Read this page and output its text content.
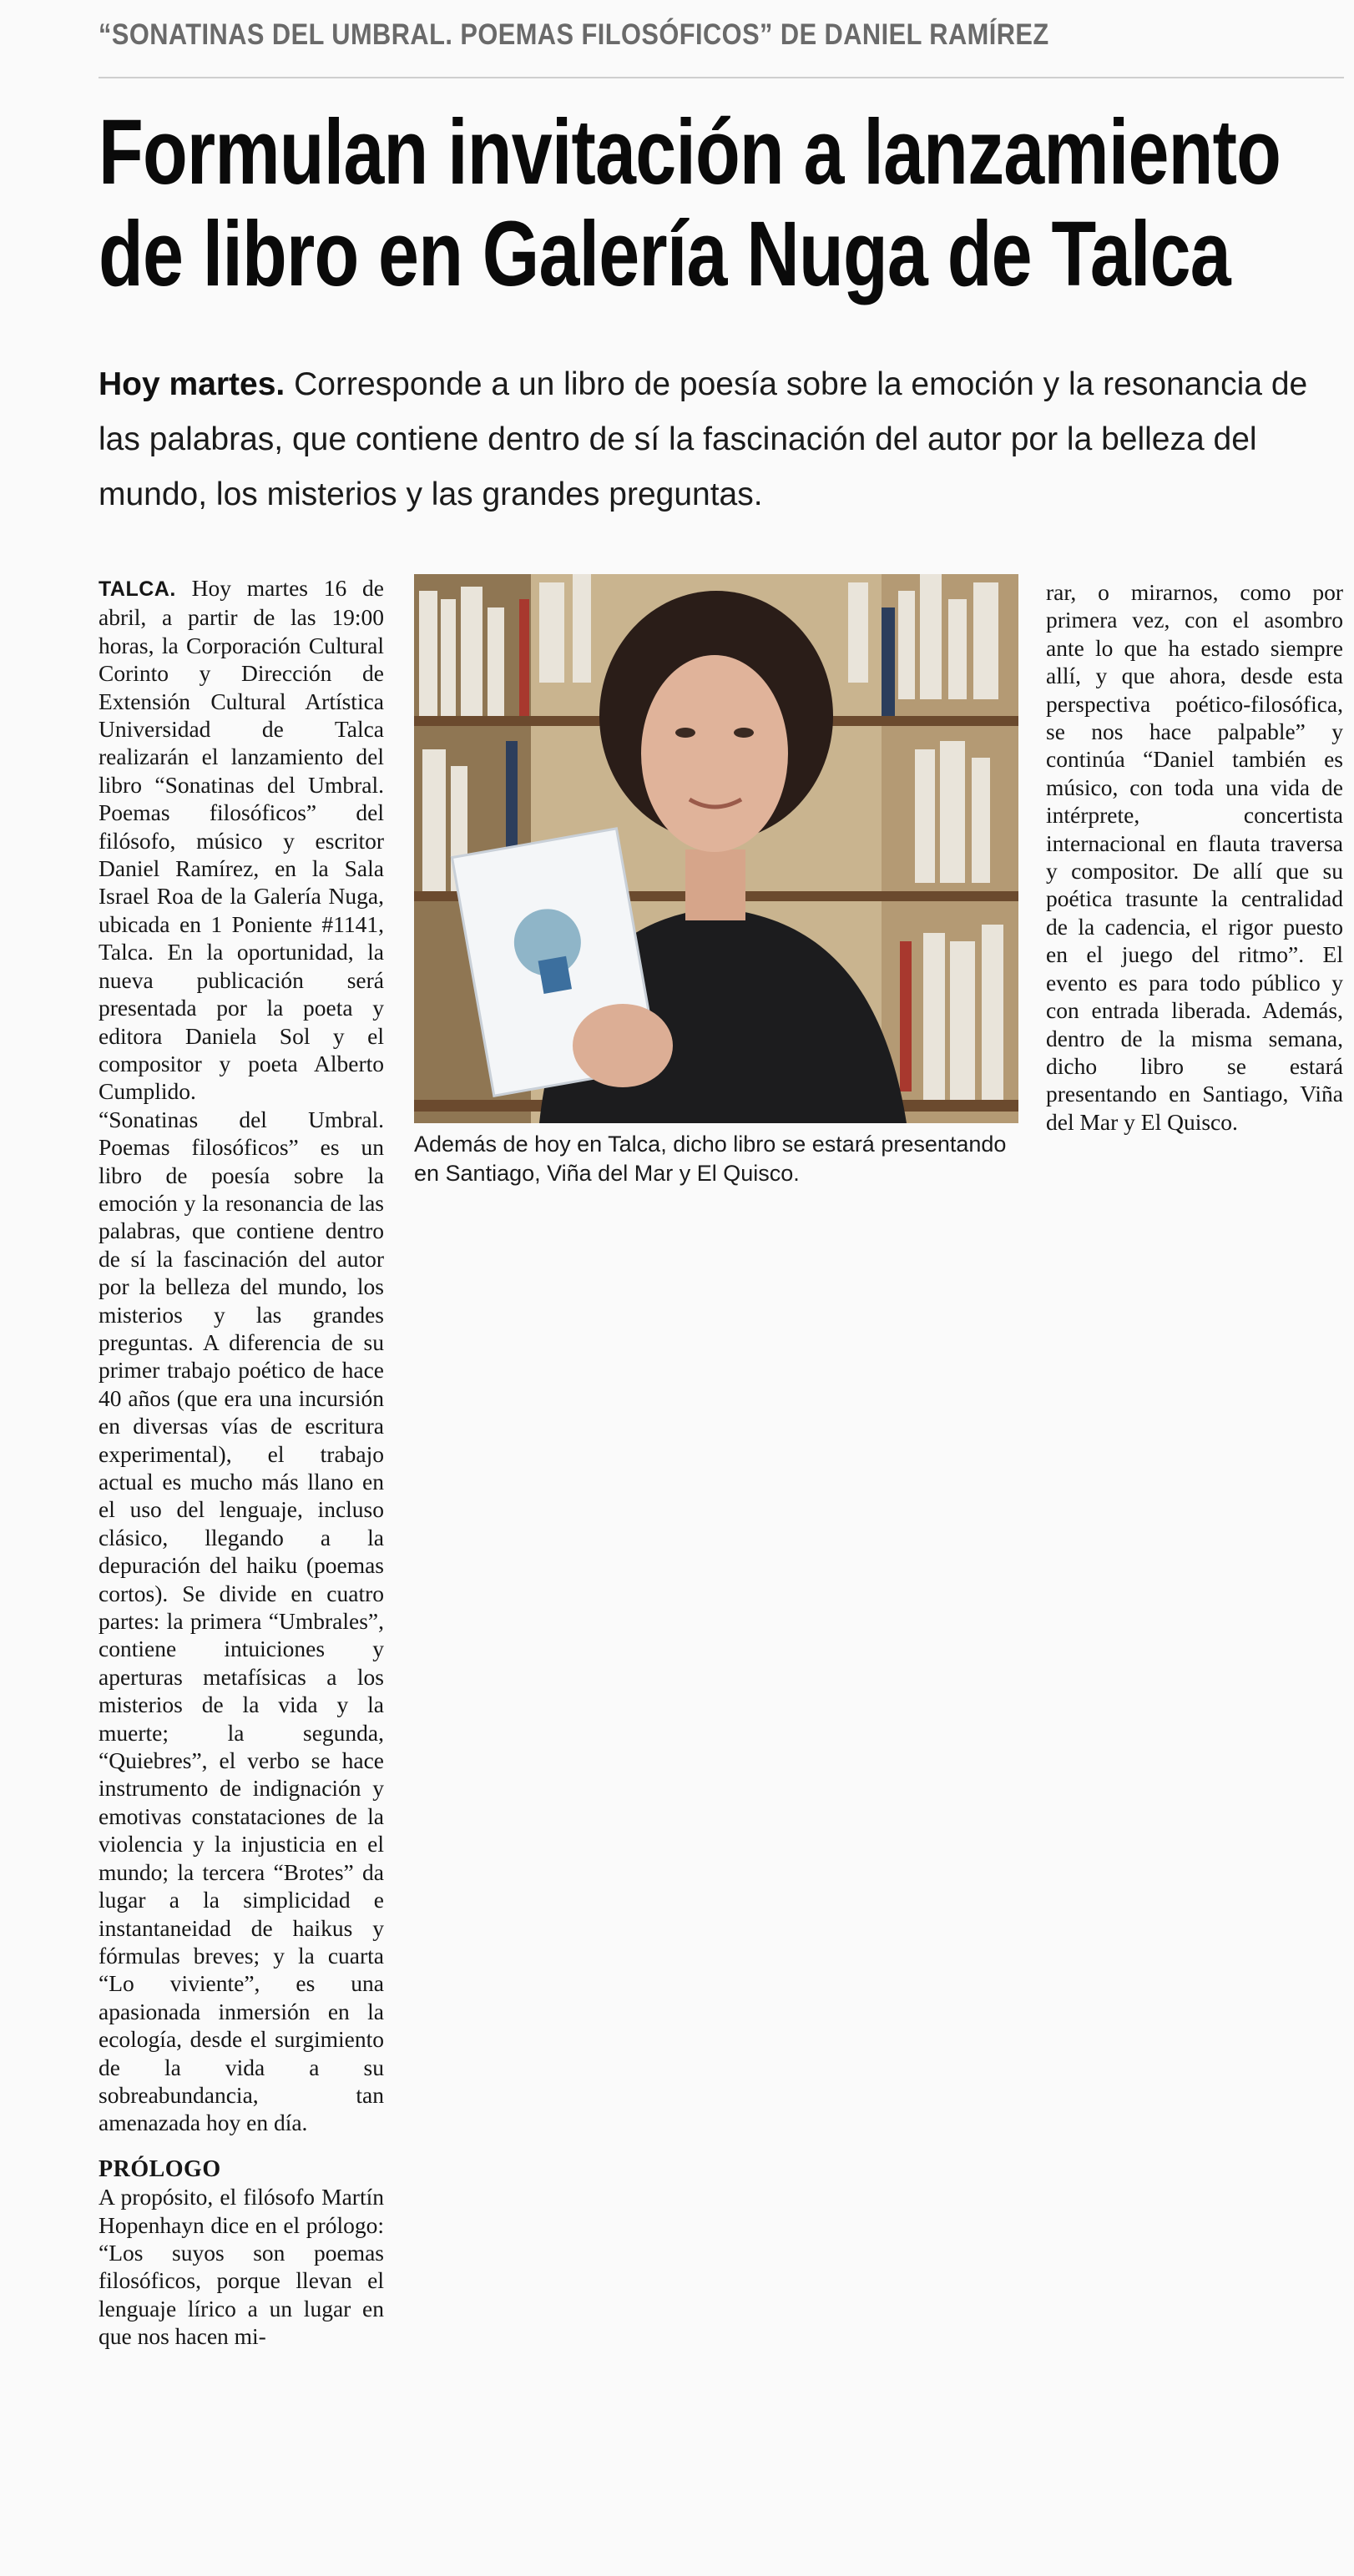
“SONATINAS DEL UMBRAL. POEMAS FILOSÓFICOS” DE DANIEL RAMÍREZ
Formulan invitación a lanzamiento
de libro en Galería Nuga de Talca
Hoy martes. Corresponde a un libro de poesía sobre la emoción y la resonancia de las palabras, que contiene dentro de sí la fascinación del autor por la belleza del mundo, los misterios y las grandes preguntas.

TALCA. Hoy martes 16 de abril, a partir de las 19:00 horas, la Corporación Cultural Corinto y Dirección de Extensión Cultural Artística Universidad de Talca realizarán el lanzamiento del libro “Sonatinas del Umbral. Poemas filosóficos” del filósofo, músico y escritor Daniel Ramírez, en la Sala Israel Roa de la Galería Nuga, ubicada en 1 Poniente #1141, Talca. En la oportunidad, la nueva publicación será presentada por la poeta y editora Daniela Sol y el compositor y poeta Alberto Cumplido.

“Sonatinas del Umbral. Poemas filosóficos” es un libro de poesía sobre la emoción y la resonancia de las palabras, que contiene dentro de sí la fascinación del autor por la belleza del mundo, los misterios y las grandes preguntas. A diferencia de su primer trabajo poético de hace 40 años (que era una incursión en diversas vías de escritura experimental), el trabajo actual es mucho más llano en el uso del lenguaje, incluso clásico, llegando a la depuración del haiku (poemas cortos). Se divide en cuatro partes: la primera “Umbrales”, contiene intuiciones y aperturas metafísicas a los misterios de la vida y la muerte; la segunda, “Quiebres”, el verbo se hace instrumento de indignación y emotivas constataciones de la violencia y la injusticia en el mundo; la tercera “Brotes” da lugar a la simplicidad e instantaneidad de haikus y fórmulas breves; y la cuarta “Lo viviente”, es una apasionada inmersión en la ecología, desde el surgimiento de la vida a su sobreabundancia, tan amenazada hoy en día.

PRÓLOGO

A propósito, el filósofo Martín Hopenhayn dice en el prólogo: “Los suyos son poemas filosóficos, porque llevan el lenguaje lírico a un lugar en que nos hacen mi-

Además de hoy en Talca, dicho libro se estará presentando en Santiago, Viña del Mar y El Quisco.

rar, o mirarnos, como por primera vez, con el asombro ante lo que ha estado siempre allí, y que ahora, desde esta perspectiva poético-filosófica, se nos hace palpable” y continúa “Daniel también es músico, con toda una vida de intérprete, concertista internacional en flauta traversa y compositor. De allí que su poética trasunte la centralidad de la cadencia, el rigor puesto en el juego del ritmo”. El evento es para todo público y con entrada liberada. Además, dentro de la misma semana, dicho libro se estará presentando en Santiago, Viña del Mar y El Quisco.
